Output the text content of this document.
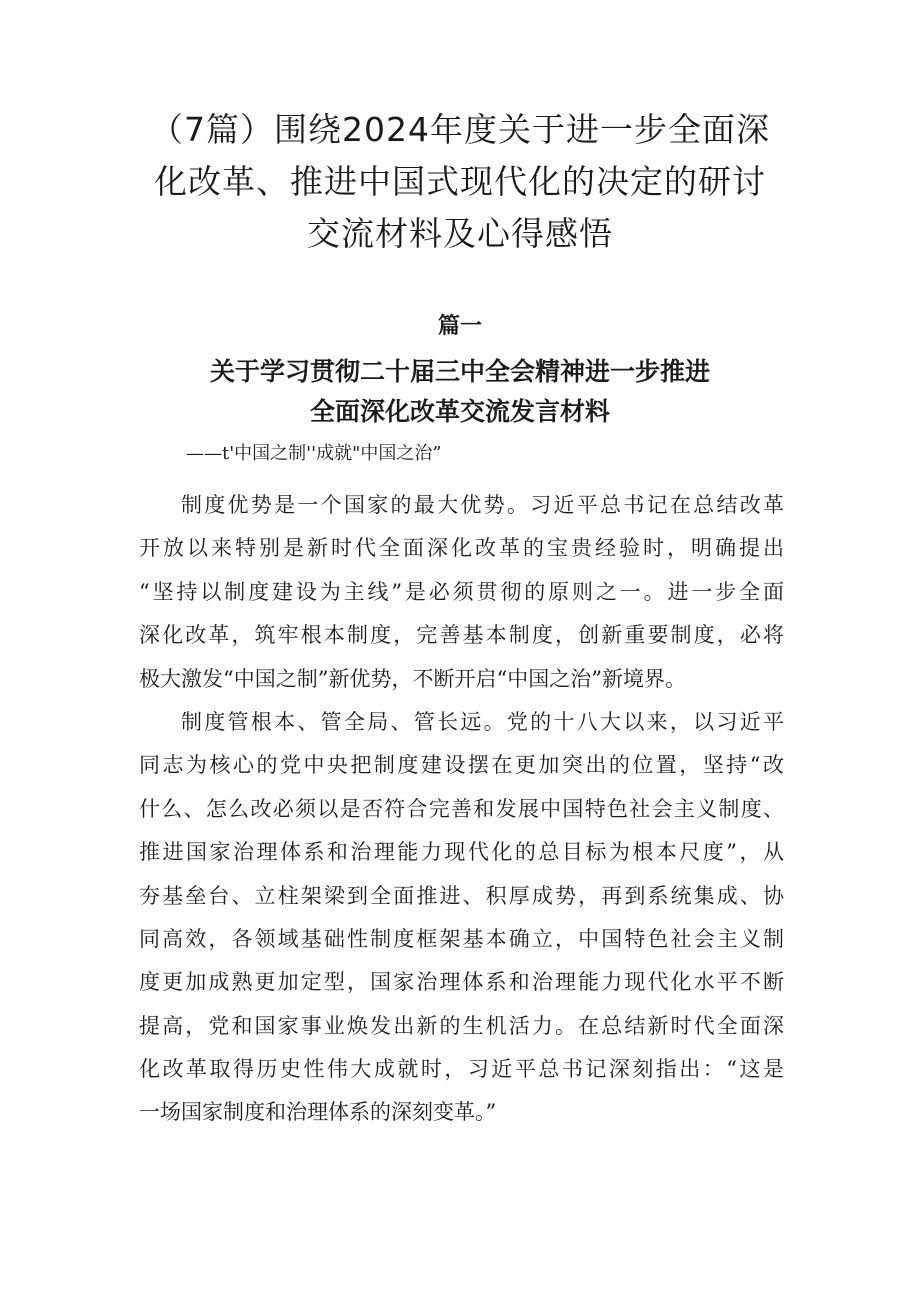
（7篇）围绕2024年度关于进一步全面深
化改革、推进中国式现代化的决定的研讨
交流材料及心得感悟
篇一
关于学习贯彻二十届三中全会精神进一步推进
全面深化改革交流发言材料
——t'中国之制''成就"中国之治”

制度优势是一个国家的最大优势。习近平总书记在总结改革
开放以来特别是新时代全面深化改革的宝贵经验时，明确提出
“坚持以制度建设为主线”是必须贯彻的原则之一。进一步全面
深化改革，筑牢根本制度，完善基本制度，创新重要制度，必将
极大激发“中国之制”新优势，不断开启“中国之治”新境界。

制度管根本、管全局、管长远。党的十八大以来，以习近平
同志为核心的党中央把制度建设摆在更加突出的位置，坚持“改
什么、怎么改必须以是否符合完善和发展中国特色社会主义制度、
推进国家治理体系和治理能力现代化的总目标为根本尺度”，从
夯基垒台、立柱架梁到全面推进、积厚成势，再到系统集成、协
同高效，各领域基础性制度框架基本确立，中国特色社会主义制
度更加成熟更加定型，国家治理体系和治理能力现代化水平不断
提高，党和国家事业焕发出新的生机活力。在总结新时代全面深
化改革取得历史性伟大成就时，习近平总书记深刻指出：“这是
一场国家制度和治理体系的深刻变革。”
